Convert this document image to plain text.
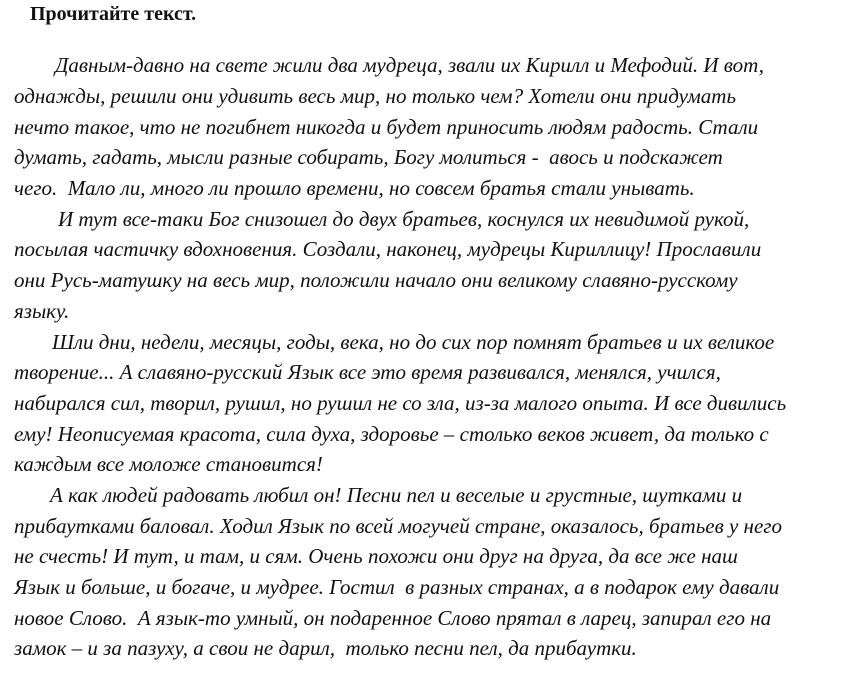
Прочитайте текст.
Давным-давно на свете жили два мудреца, звали их Кирилл и Мефодий. И вот,
однажды, решили они удивить весь мир, но только чем? Хотели они придумать
нечто такое, что не погибнет никогда и будет приносить людям радость. Стали
думать, гадать, мысли разные собирать, Богу молиться -  авось и подскажет
чего.  Мало ли, много ли прошло времени, но совсем братья стали унывать.
И тут все-таки Бог снизошел до двух братьев, коснулся их невидимой рукой,
посылая частичку вдохновения. Создали, наконец, мудрецы Кириллицу! Прославили
они Русь-матушку на весь мир, положили начало они великому славяно-русскому
языку.
Шли дни, недели, месяцы, годы, века, но до сих пор помнят братьев и их великое
творение... А славяно-русский Язык все это время развивался, менялся, учился,
набирался сил, творил, рушил, но рушил не со зла, из-за малого опыта. И все дивились
ему! Неописуемая красота, сила духа, здоровье – столько веков живет, да только с
каждым все моложе становится!
А как людей радовать любил он! Песни пел и веселые и грустные, шутками и
прибаутками баловал. Ходил Язык по всей могучей стране, оказалось, братьев у него
не счесть! И тут, и там, и сям. Очень похожи они друг на друга, да все же наш
Язык и больше, и богаче, и мудрее. Гостил  в разных странах, а в подарок ему давали
новое Слово.  А язык-то умный, он подаренное Слово прятал в ларец, запирал его на
замок – и за пазуху, а свои не дарил,  только песни пел, да прибаутки.
